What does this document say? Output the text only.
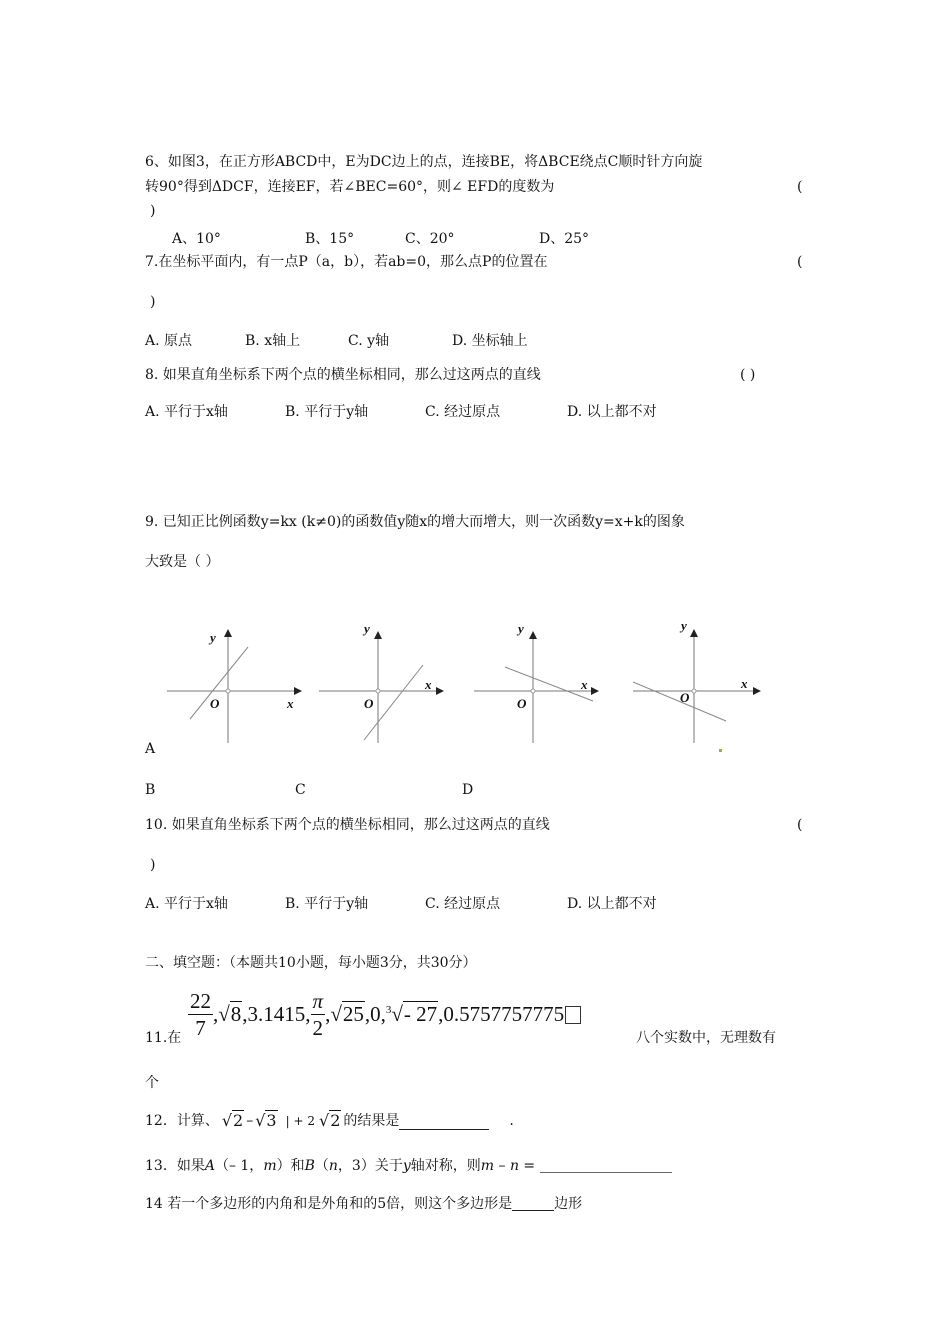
6、如图3，在正方形ABCD中，E为DC边上的点，连接BE，将ΔBCE绕点C顺时针方向旋
转90°得到ΔDCF，连接EF，若∠BEC=60°，则∠ EFD的度数为	(
)
A、10°	B、15°	C、20°	D、25°
7.在坐标平面内，有一点P（a，b），若ab=0，那么点P的位置在	(
)
A. 原点	B. x轴上	C. y轴	D. 坐标轴上
8. 如果直角坐标系下两个点的横坐标相同，那么过这两点的直线	( )
A. 平行于x轴	B. 平行于y轴	C. 经过原点	D. 以上都不对
9. 已知正比例函数y=kx (k≠0)的函数值y随x的增大而增大，则一次函数y=x+k的图象
大致是（ ）
y
x
O
y
x
O
y
x
O
y
x
O
A
B	C	D
10. 如果直角坐标系下两个点的横坐标相同，那么过这两点的直线	(
)
A. 平行于x轴	B. 平行于y轴	C. 经过原点	D. 以上都不对
二、填空题：（本题共10小题，每小题3分，共30分）
$\frac{22}{7}$ , √8 , 3.1415, $\frac{\pi}{2}$ , √25 , 0, $^3$√- 27 , 0.5757757775
11.在	八个实数中，无理数有
个
12．计算、 √2 – √3 | + 2 √2 的结果是	.
13．如果A（– 1，m）和B（n，3）关于y轴对称，则m – n =
14 若一个多边形的内角和是外角和的5倍，则这个多边形是	边形
